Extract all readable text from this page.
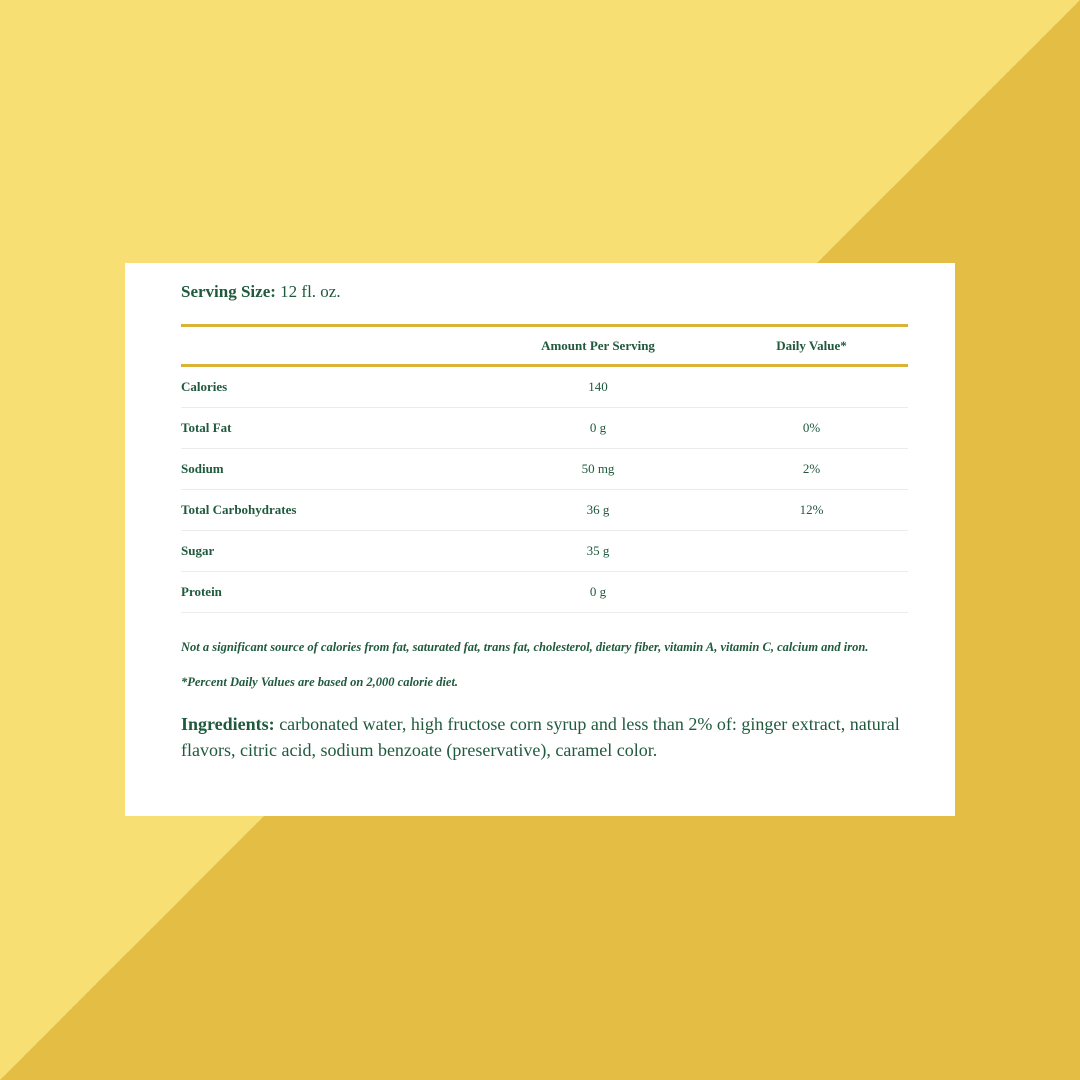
Serving Size: 12 fl. oz.

	Amount Per Serving	Daily Value*
Calories	140	
Total Fat	0 g	0%
Sodium	50 mg	2%
Total Carbohydrates	36 g	12%
Sugar	35 g	
Protein	0 g	

Not a significant source of calories from fat, saturated fat, trans fat, cholesterol, dietary fiber, vitamin A, vitamin C, calcium and iron.

*Percent Daily Values are based on 2,000 calorie diet.

Ingredients: carbonated water, high fructose corn syrup and less than 2% of: ginger extract, natural flavors, citric acid, sodium benzoate (preservative), caramel color.
